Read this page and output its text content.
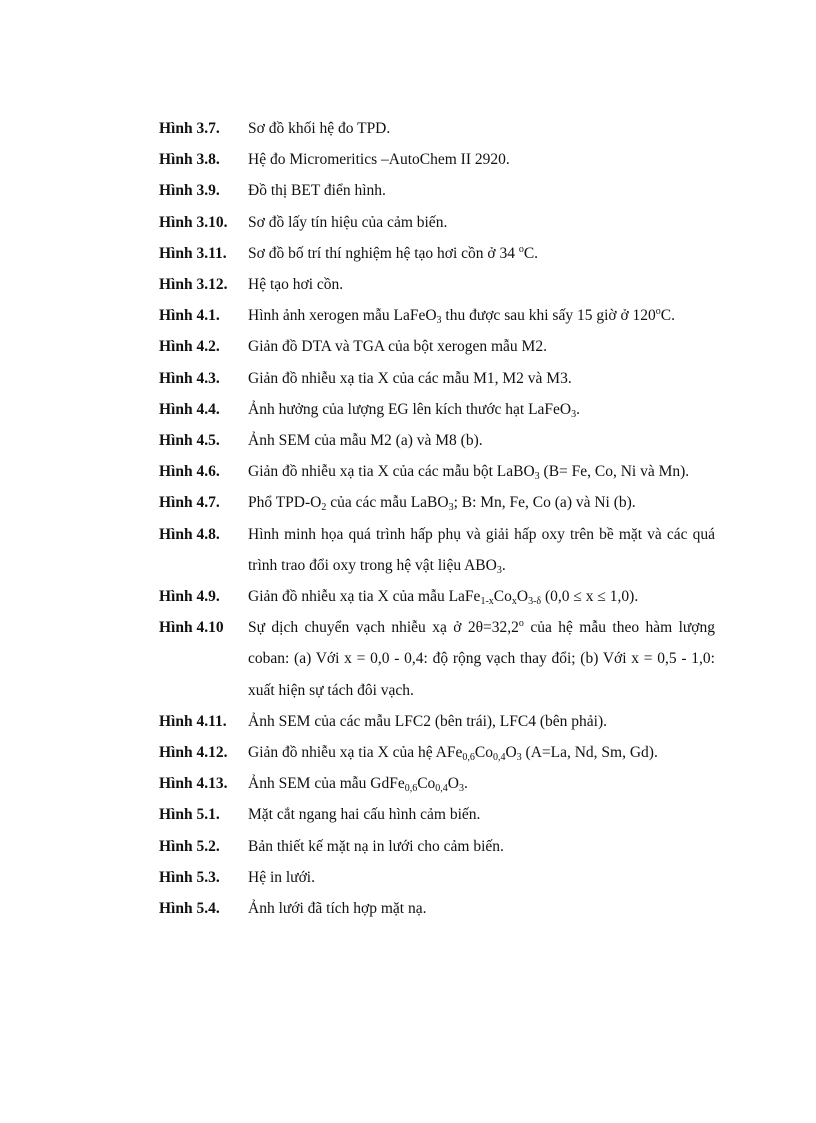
Hình 3.7. Sơ đồ khối hệ đo TPD.
Hình 3.8. Hệ đo Micromeritics –AutoChem II 2920.
Hình 3.9. Đồ thị BET điển hình.
Hình 3.10. Sơ đồ lấy tín hiệu của cảm biến.
Hình 3.11. Sơ đồ bố trí thí nghiệm hệ tạo hơi cồn ở 34 $^o$C.
Hình 3.12. Hệ tạo hơi cồn.
Hình 4.1. Hình ảnh xerogen mẫu LaFeO$_3$ thu được sau khi sấy 15 giờ ở 120$^o$C.
Hình 4.2. Giản đồ DTA và TGA của bột xerogen mẫu M2.
Hình 4.3. Giản đồ nhiễu xạ tia X của các mẫu M1, M2 và M3.
Hình 4.4. Ảnh hưởng của lượng EG lên kích thước hạt LaFeO$_3$.
Hình 4.5. Ảnh SEM của mẫu M2 (a) và M8 (b).
Hình 4.6. Giản đồ nhiễu xạ tia X của các mẫu bột LaBO$_3$ (B= Fe, Co, Ni và Mn).
Hình 4.7. Phổ TPD-$O_2$ của các mẫu LaBO$_3$; B: Mn, Fe, Co (a) và Ni (b).
Hình 4.8. Hình minh họa quá trình hấp phụ và giải hấp oxy trên bề mặt và các quá trình trao đổi oxy trong hệ vật liệu $ABO_3$.
Hình 4.9. Giản đồ nhiễu xạ tia X của mẫu $LaFe_{1-x}Co_xO_{3-\delta}$ (0,0 ≤ x ≤ 1,0).
Hình 4.10 Sự dịch chuyển vạch nhiễu xạ ở $2\theta=32,2^o$ của hệ mẫu theo hàm lượng coban: (a) Với x = 0,0 - 0,4: độ rộng vạch thay đổi; (b) Với x = 0,5 - 1,0: xuất hiện sự tách đôi vạch.
Hình 4.11. Ảnh SEM của các mẫu LFC2 (bên trái), LFC4 (bên phải).
Hình 4.12. Giản đồ nhiễu xạ tia X của hệ $AFe_{0,6}Co_{0,4}O_3$ (A=La, Nd, Sm, Gd).
Hình 4.13. Ảnh SEM của mẫu $GdFe_{0,6}Co_{0,4}O_3$.
Hình 5.1. Mặt cắt ngang hai cấu hình cảm biến.
Hình 5.2. Bản thiết kế mặt nạ in lưới cho cảm biến.
Hình 5.3. Hệ in lưới.
Hình 5.4. Ảnh lưới đã tích hợp mặt nạ.
